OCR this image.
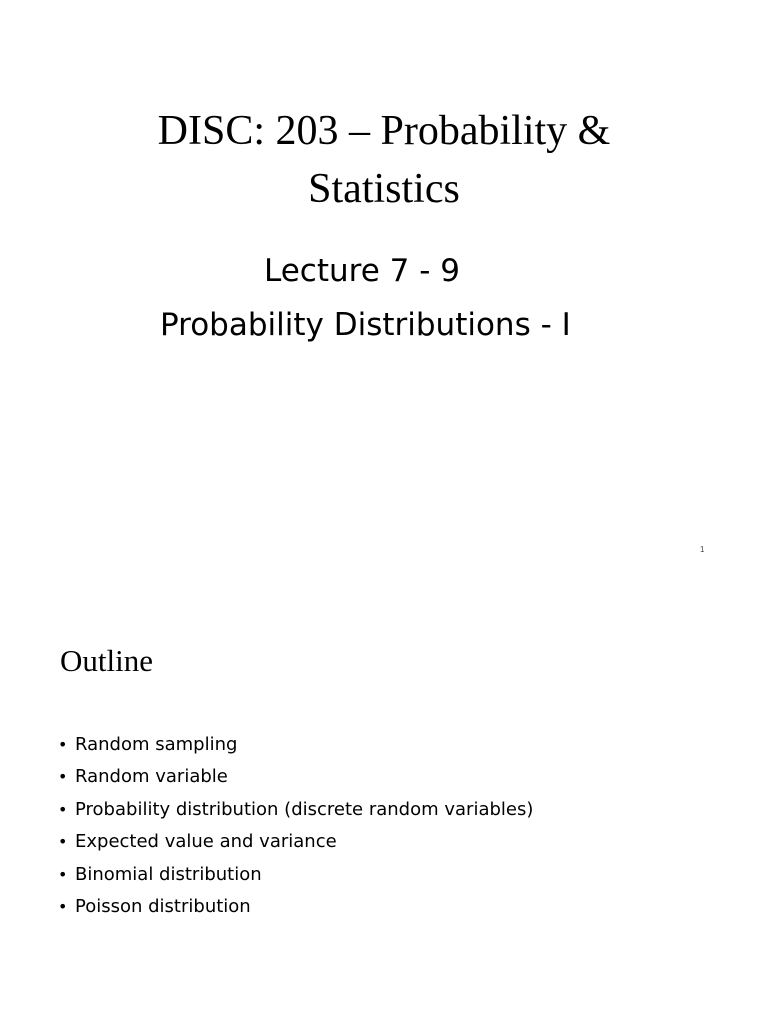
DISC: 203 – Probability &
Statistics

Lecture 7 - 9

Probability Distributions - I

1
Outline
• Random sampling
• Random variable
• Probability distribution (discrete random variables)
• Expected value and variance
• Binomial distribution
• Poisson distribution
